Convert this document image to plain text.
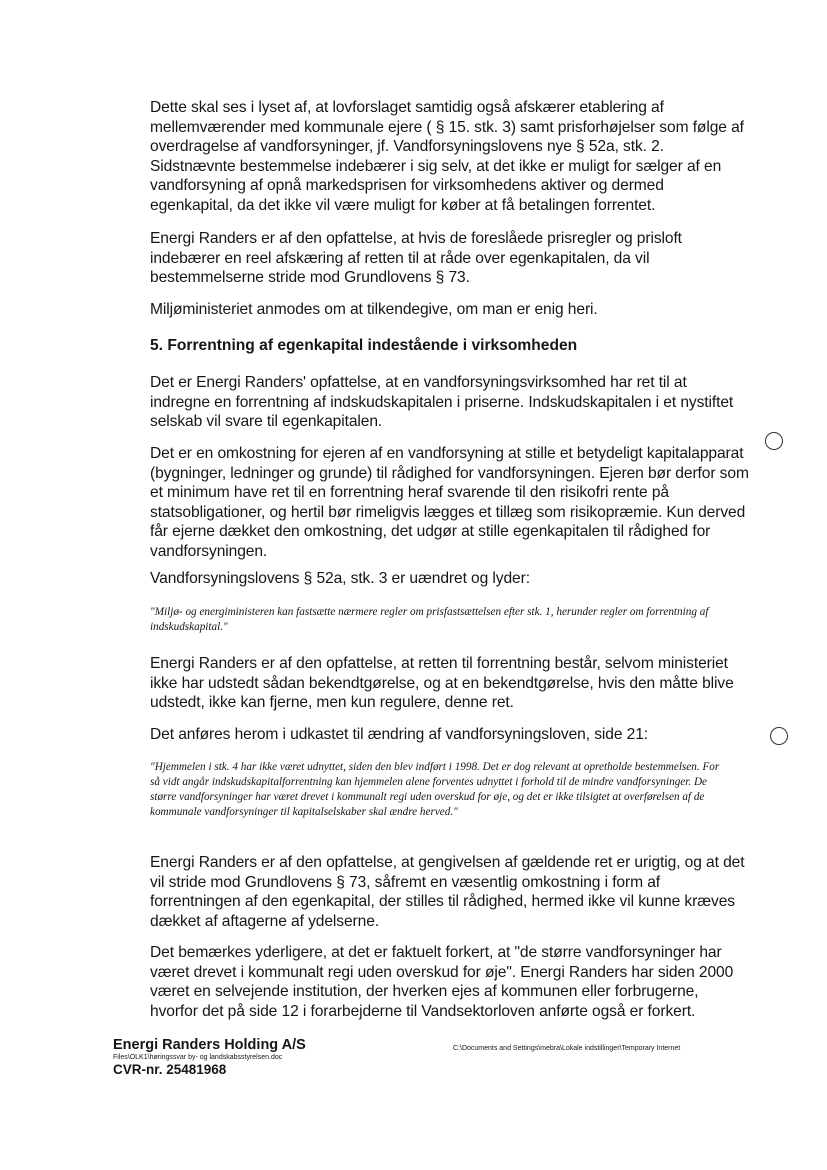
Dette skal ses i lyset af, at lovforslaget samtidig også afskærer etablering af mellemværender med kommunale ejere ( § 15. stk. 3) samt prisforhøjelser som følge af overdragelse af vandforsyninger, jf. Vandforsyningslovens nye § 52a, stk. 2. Sidstnævnte bestemmelse indebærer i sig selv, at det ikke er muligt for sælger af en vandforsyning af opnå markedsprisen for virksomhedens aktiver og dermed egenkapital, da det ikke vil være muligt for køber at få betalingen forrentet.

Energi Randers er af den opfattelse, at hvis de foreslåede prisregler og prisloft indebærer en reel afskæring af retten til at råde over egenkapitalen, da vil bestemmelserne stride mod Grundlovens § 73.

Miljøministeriet anmodes om at tilkendegive, om man er enig heri.

5. Forrentning af egenkapital indestående i virksomheden

Det er Energi Randers' opfattelse, at en vandforsyningsvirksomhed har ret til at indregne en forrentning af indskudskapitalen i priserne. Indskudskapitalen i et nystiftet selskab vil svare til egenkapitalen.

Det er en omkostning for ejeren af en vandforsyning at stille et betydeligt kapitalapparat (bygninger, ledninger og grunde) til rådighed for vandforsyningen. Ejeren bør derfor som et minimum have ret til en forrentning heraf svarende til den risikofri rente på statsobligationer, og hertil bør rimeligvis lægges et tillæg som risikopræmie. Kun derved får ejerne dækket den omkostning, det udgør at stille egenkapitalen til rådighed for vandforsyningen.

Vandforsyningslovens § 52a, stk. 3 er uændret og lyder:

"Miljø- og energiministeren kan fastsætte nærmere regler om prisfastsættelsen efter stk. 1, herunder regler om forrentning af indskudskapital."

Energi Randers er af den opfattelse, at retten til forrentning består, selvom ministeriet ikke har udstedt sådan bekendtgørelse, og at en bekendtgørelse, hvis den måtte blive udstedt, ikke kan fjerne, men kun regulere, denne ret.

Det anføres herom i udkastet til ændring af vandforsyningsloven, side 21:

"Hjemmelen i stk. 4 har ikke været udnyttet, siden den blev indført i 1998. Det er dog relevant at opretholde bestemmelsen. For så vidt angår indskudskapitalforrentning kan hjemmelen alene forventes udnyttet i forhold til de mindre vandforsyninger. De større vandforsyninger har været drevet i kommunalt regi uden overskud for øje, og det er ikke tilsigtet at overførelsen af de kommunale vandforsyninger til kapitalselskaber skal ændre herved."

Energi Randers er af den opfattelse, at gengivelsen af gældende ret er urigtig, og at det vil stride mod Grundlovens § 73, såfremt en væsentlig omkostning i form af forrentningen af den egenkapital, der stilles til rådighed, hermed ikke vil kunne kræves dækket af aftagerne af ydelserne.

Det bemærkes yderligere, at det er faktuelt forkert, at "de større vandforsyninger har været drevet i kommunalt regi uden overskud for øje". Energi Randers har siden 2000 været en selvejende institution, der hverken ejes af kommunen eller forbrugerne, hvorfor det på side 12 i forarbejderne til Vandsektorloven anførte også er forkert.

Energi Randers Holding A/S

Files\OLK1\høringssvar by- og landskabsstyrelsen.doc

CVR-nr. 25481968

C:\Documents and Settings\mebra\Lokale indstillinger\Temporary Internet
